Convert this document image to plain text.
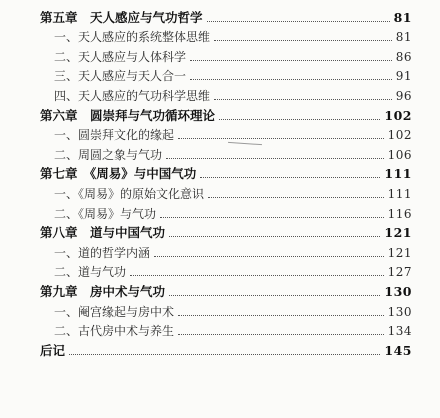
第五章　天人感应与气功哲学	81
一、天人感应的系统整体思维	81
二、天人感应与人体科学	86
三、天人感应与天人合一	91
四、天人感应的气功科学思维	96
第六章　圆崇拜与气功循环理论	102
一、圆崇拜文化的缘起	102
二、周圆之象与气功	106
第七章　《周易》与中国气功	111
一、《周易》的原始文化意识	111
二、《周易》与气功	116
第八章　道与中国气功	121
一、道的哲学内涵	121
二、道与气功	127
第九章　房中术与气功	130
一、阉宫缘起与房中术	130
二、古代房中术与养生	134
后记	145
